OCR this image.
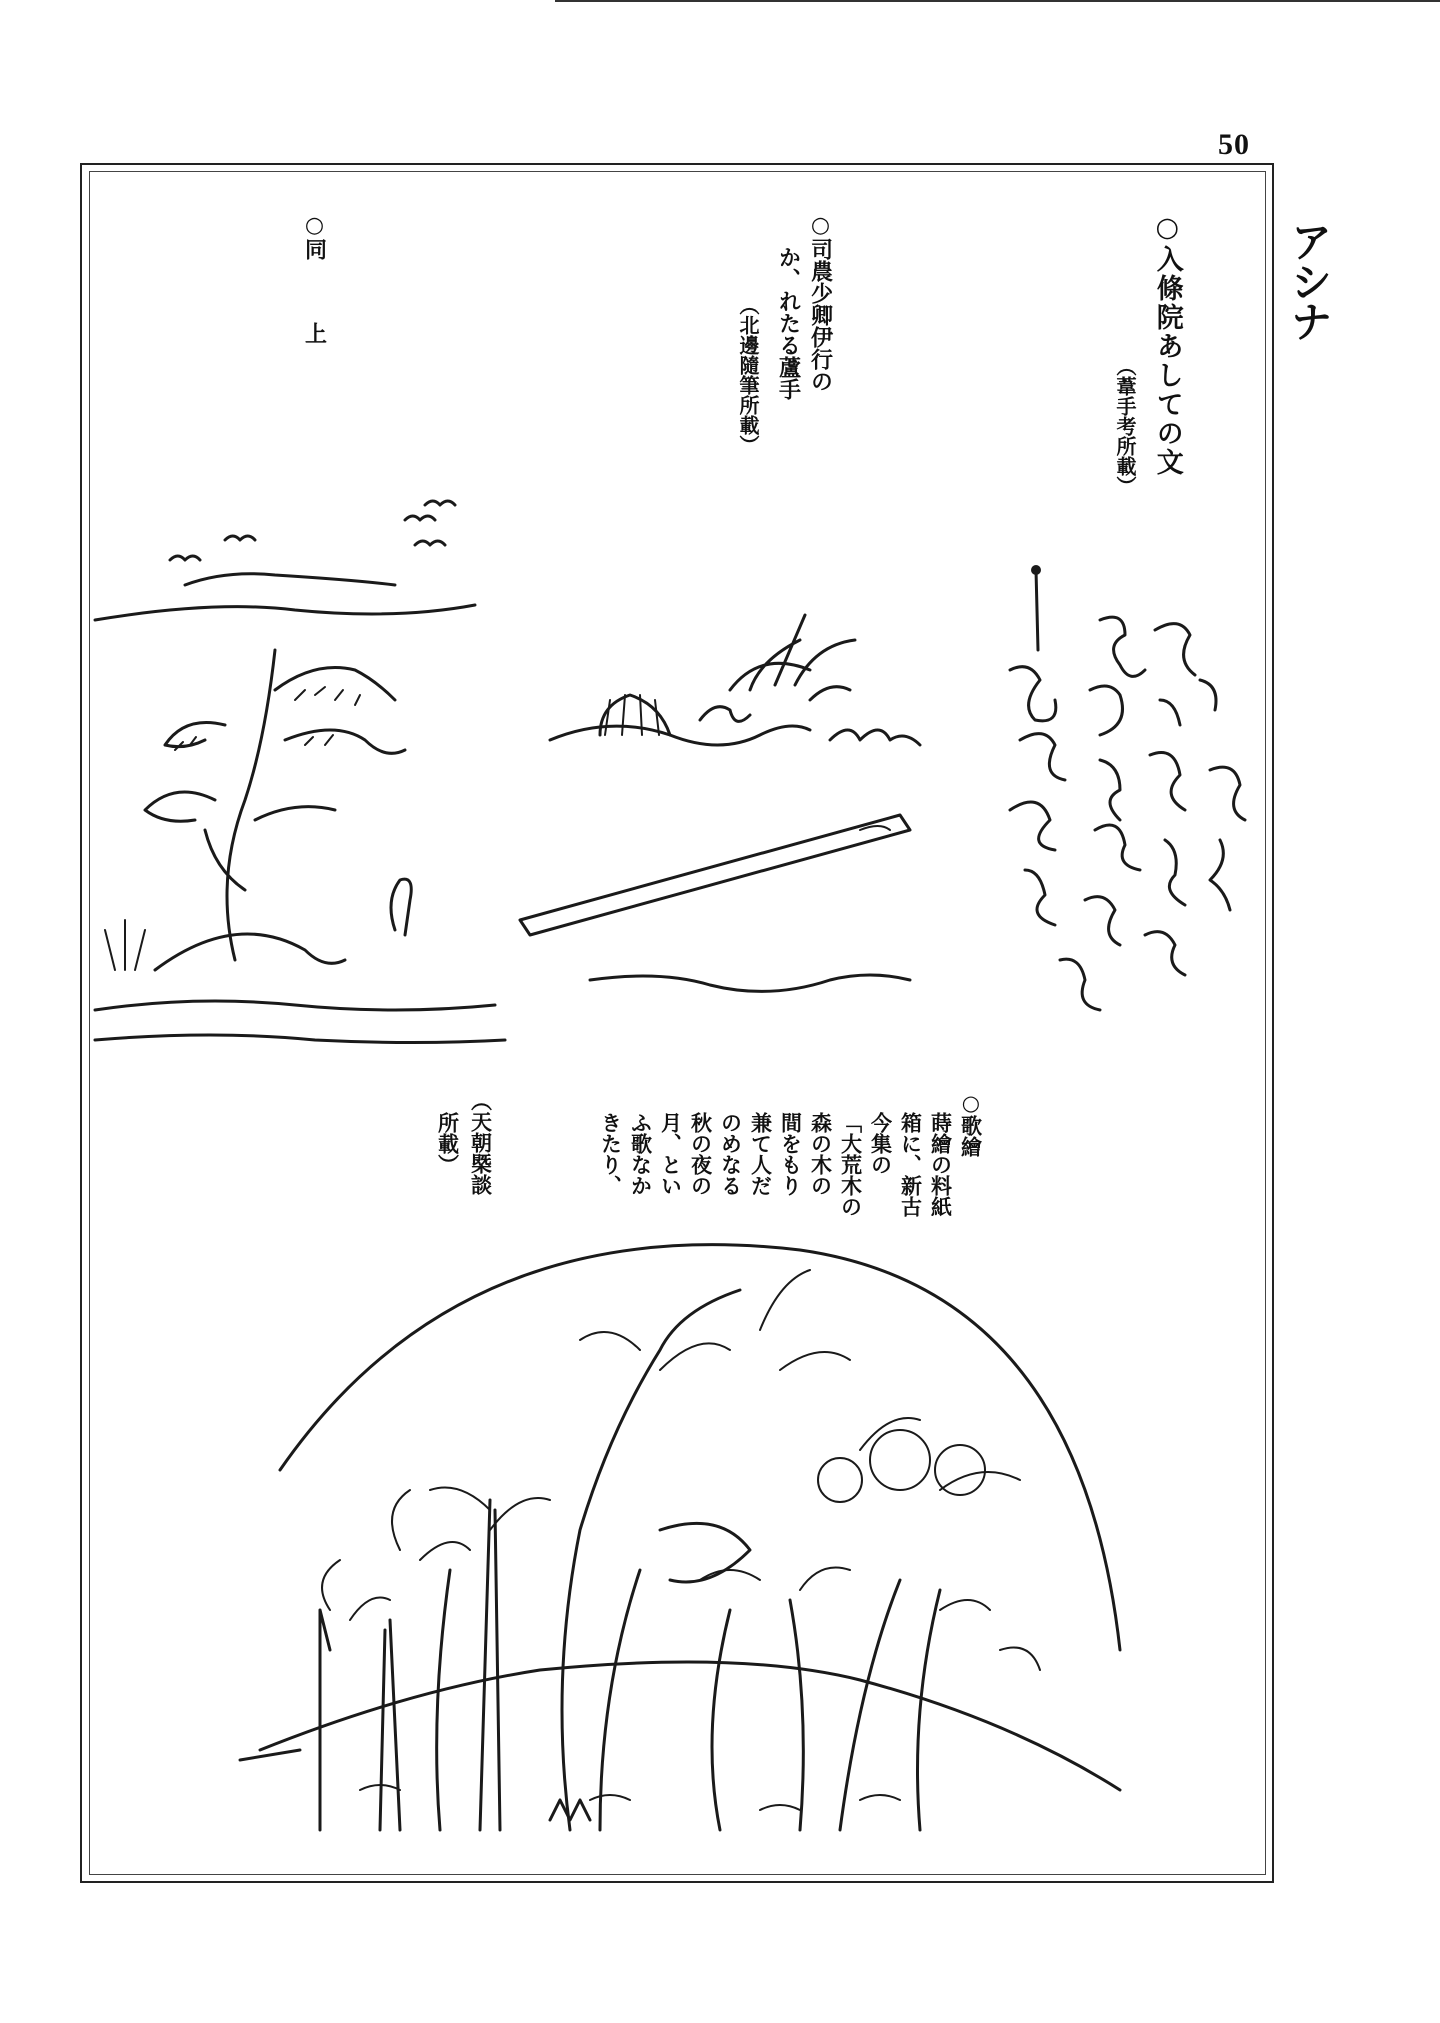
50
アシナ
○入條院あしての文
（葦手考所載）
○司農少卿伊行の
か、れたる蘆手
（北邊隨筆所載）
○同
上
○歌繪
蒔繪の料紙
箱に、新古
今集の
「大荒木の
森の木の
間をもり
兼て人だ
のめなる
秋の夜の
月、とい
ふ歌なか
きたり、
（天朝槩談
所載）
